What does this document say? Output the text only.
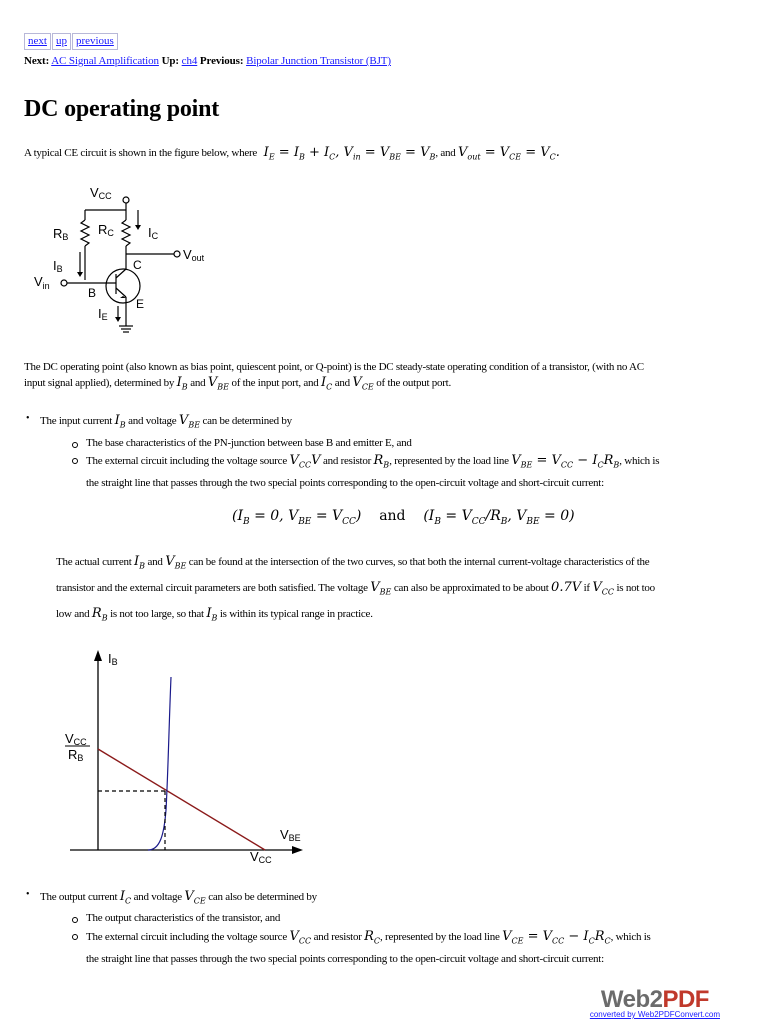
next up previous
Next: AC Signal Amplification Up: ch4 Previous: Bipolar Junction Transistor (BJT)
DC operating point
A typical CE circuit is shown in the figure below, where  $I_E = I_B + I_C$, $V_{in} = V_{BE} = V_B$, and $V_{out} = V_{CE} = V_C$.
VCC
RB RC	IC
Vout
IB	C
$V_{in}$	B
E
IE
The DC operating point (also known as bias point, quiescent point, or Q-point) is the DC steady-state operating condition of a transistor, (with no AC
input signal applied), determined by $I_B$ and $V_{BE}$ of the input port, and $I_C$ and $V_{CE}$ of the output port.
• The input current $I_B$ and voltage $V_{BE}$ can be determined by
The base characteristics of the PN-junction between base B and emitter E, and
The external circuit including the voltage source $V_{CC}V$ and resistor $R_B$, represented by the load line $V_{BE} = V_{CC} - I_CR_B$, which is
the straight line that passes through the two special points corresponding to the open-circuit voltage and short-circuit current:
($I_B = 0$, $V_{BE} = V_{CC}$) and ($I_B = V_{CC}/R_B$, $V_{BE} = 0$)
The actual current $I_B$ and $V_{BE}$ can be found at the intersection of the two curves, so that both the internal current-voltage characteristics of the
transistor and the external circuit parameters are both satisfied. The voltage $V_{BE}$ can also be approximated to be about 0.7V if $V_{CC}$ is not too
low and $R_B$ is not too large, so that $I_B$ is within its typical range in practice.
IB
VCC
RB
VBE
VCC
• The output current $I_C$ and voltage $V_{CE}$ can also be determined by
The output characteristics of the transistor, and
The external circuit including the voltage source $V_{CC}$ and resistor $R_C$, represented by the load line $V_{CE} = V_{CC} - I_CR_C$, which is
the straight line that passes through the two special points corresponding to the open-circuit voltage and short-circuit current:
Web2PDF
converted by Web2PDFConvert.com
